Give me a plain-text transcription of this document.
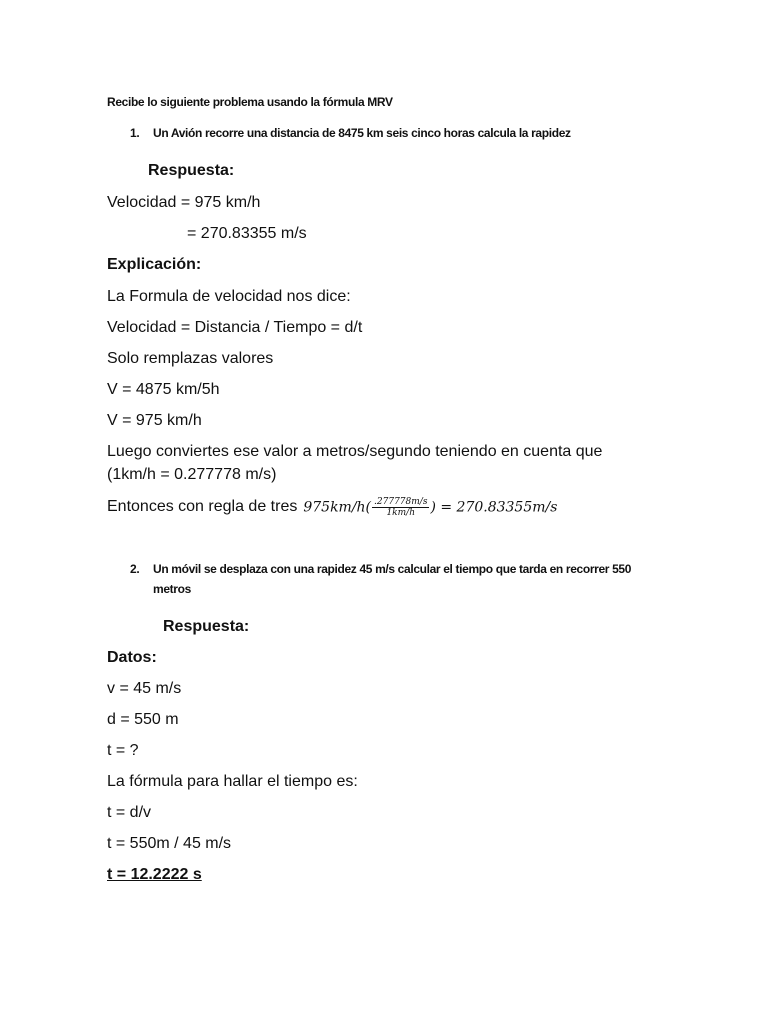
Recibe lo siguiente problema usando la fórmula MRV
1. Un Avión recorre una distancia de 8475 km seis cinco horas calcula la rapidez
Respuesta:
Velocidad = 975 km/h
= 270.83355 m/s
Explicación:
La Formula de velocidad nos dice:
Velocidad = Distancia / Tiempo = d/t
Solo remplazas valores
V = 4875 km/5h
V = 975 km/h
Luego conviertes ese valor a metros/segundo teniendo en cuenta que
(1km/h = 0.277778 m/s)
Entonces con regla de tres $975km/h( \frac{.277778m/s}{1km/h}$ ) = 270.83355m/s
2. Un móvil se desplaza con una rapidez 45 m/s calcular el tiempo que tarda en recorrer 550
metros
Respuesta:
Datos:
v = 45 m/s
d = 550 m
t = ?
La fórmula para hallar el tiempo es:
t = d/v
t = 550m / 45 m/s
t = 12.2222 s
